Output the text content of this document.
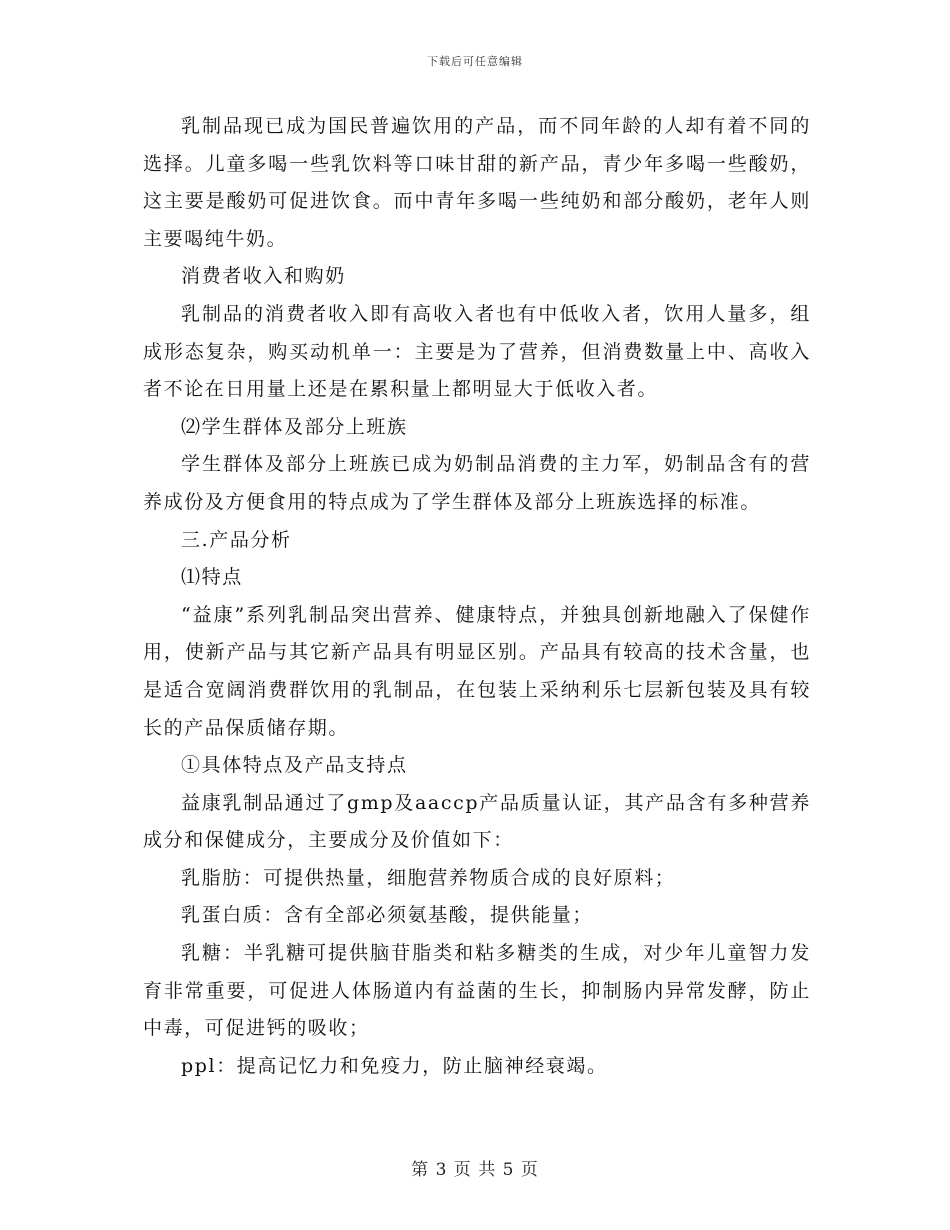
下载后可任意编辑

乳制品现已成为国民普遍饮用的产品，而不同年龄的人却有着不同的选择。儿童多喝一些乳饮料等口味甘甜的新产品，青少年多喝一些酸奶，这主要是酸奶可促进饮食。而中青年多喝一些纯奶和部分酸奶，老年人则主要喝纯牛奶。

消费者收入和购奶

乳制品的消费者收入即有高收入者也有中低收入者，饮用人量多，组成形态复杂，购买动机单一：主要是为了营养，但消费数量上中、高收入者不论在日用量上还是在累积量上都明显大于低收入者。

⑵学生群体及部分上班族

学生群体及部分上班族已成为奶制品消费的主力军，奶制品含有的营养成份及方便食用的特点成为了学生群体及部分上班族选择的标准。

三.产品分析

⑴特点

“益康”系列乳制品突出营养、健康特点，并独具创新地融入了保健作用，使新产品与其它新产品具有明显区别。产品具有较高的技术含量，也是适合宽阔消费群饮用的乳制品，在包装上采纳利乐七层新包装及具有较长的产品保质储存期。

①具体特点及产品支持点

益康乳制品通过了gmp及aaccp产品质量认证，其产品含有多种营养成分和保健成分，主要成分及价值如下：

乳脂肪：可提供热量，细胞营养物质合成的良好原料；

乳蛋白质：含有全部必须氨基酸，提供能量；

乳糖：半乳糖可提供脑苷脂类和粘多糖类的生成，对少年儿童智力发育非常重要，可促进人体肠道内有益菌的生长，抑制肠内异常发酵，防止中毒，可促进钙的吸收；

ppl：提高记忆力和免疫力，防止脑神经衰竭。

第 3 页 共 5 页
